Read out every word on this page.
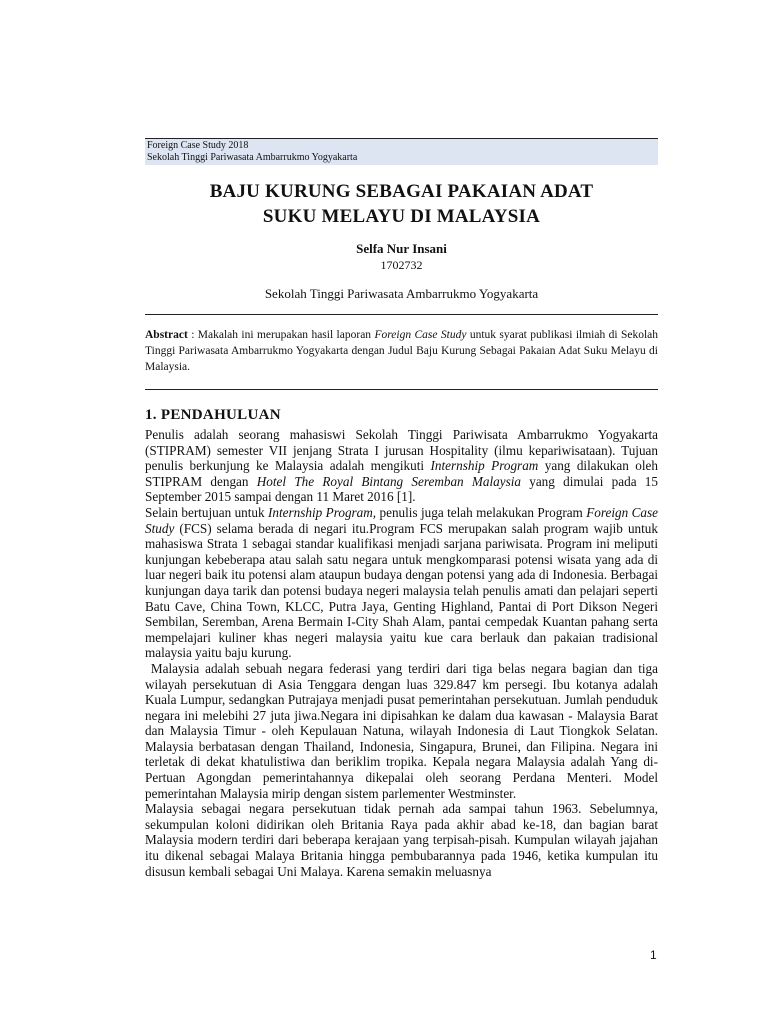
Foreign Case Study 2018
Sekolah Tinggi Pariwasata Ambarrukmo Yogyakarta
BAJU KURUNG SEBAGAI PAKAIAN ADAT
SUKU MELAYU DI MALAYSIA
Selfa Nur Insani
1702732
Sekolah Tinggi Pariwasata Ambarrukmo Yogyakarta
Abstract : Makalah ini merupakan hasil laporan Foreign Case Study untuk syarat publikasi ilmiah di Sekolah Tinggi Pariwasata Ambarrukmo Yogyakarta dengan Judul Baju Kurung Sebagai Pakaian Adat Suku Melayu di Malaysia.
1. PENDAHULUAN

Penulis adalah seorang mahasiswi Sekolah Tinggi Pariwisata Ambarrukmo Yogyakarta (STIPRAM) semester VII jenjang Strata I jurusan Hospitality (ilmu kepariwisataan). Tujuan penulis berkunjung ke Malaysia adalah mengikuti Internship Program yang dilakukan oleh STIPRAM dengan Hotel The Royal Bintang Seremban Malaysia yang dimulai pada 15 September 2015 sampai dengan 11 Maret 2016 [1].

Selain bertujuan untuk Internship Program, penulis juga telah melakukan Program Foreign Case Study (FCS) selama berada di negari itu.Program FCS merupakan salah program wajib untuk mahasiswa Strata 1 sebagai standar kualifikasi menjadi sarjana pariwisata. Program ini meliputi kunjungan kebeberapa atau salah satu negara untuk mengkomparasi potensi wisata yang ada di luar negeri baik itu potensi alam ataupun budaya dengan potensi yang ada di Indonesia. Berbagai kunjungan daya tarik dan potensi budaya negeri malaysia telah penulis amati dan pelajari seperti Batu Cave, China Town, KLCC, Putra Jaya, Genting Highland, Pantai di Port Dikson Negeri Sembilan, Seremban, Arena Bermain I-City Shah Alam, pantai cempedak Kuantan pahang serta mempelajari kuliner khas negeri malaysia yaitu kue cara berlauk dan pakaian tradisional malaysia yaitu baju kurung.

Malaysia adalah sebuah negara federasi yang terdiri dari tiga belas negara bagian dan tiga wilayah persekutuan di Asia Tenggara dengan luas 329.847 km persegi. Ibu kotanya adalah Kuala Lumpur, sedangkan Putrajaya menjadi pusat pemerintahan persekutuan. Jumlah penduduk negara ini melebihi 27 juta jiwa.Negara ini dipisahkan ke dalam dua kawasan - Malaysia Barat dan Malaysia Timur - oleh Kepulauan Natuna, wilayah Indonesia di Laut Tiongkok Selatan. Malaysia berbatasan dengan Thailand, Indonesia, Singapura, Brunei, dan Filipina. Negara ini terletak di dekat khatulistiwa dan beriklim tropika. Kepala negara Malaysia adalah Yang di-Pertuan Agongdan pemerintahannya dikepalai oleh seorang Perdana Menteri. Model pemerintahan Malaysia mirip dengan sistem parlementer Westminster.

Malaysia sebagai negara persekutuan tidak pernah ada sampai tahun 1963. Sebelumnya, sekumpulan koloni didirikan oleh Britania Raya pada akhir abad ke-18, dan bagian barat Malaysia modern terdiri dari beberapa kerajaan yang terpisah-pisah. Kumpulan wilayah jajahan itu dikenal sebagai Malaya Britania hingga pembubarannya pada 1946, ketika kumpulan itu disusun kembali sebagai Uni Malaya. Karena semakin meluasnya

1
